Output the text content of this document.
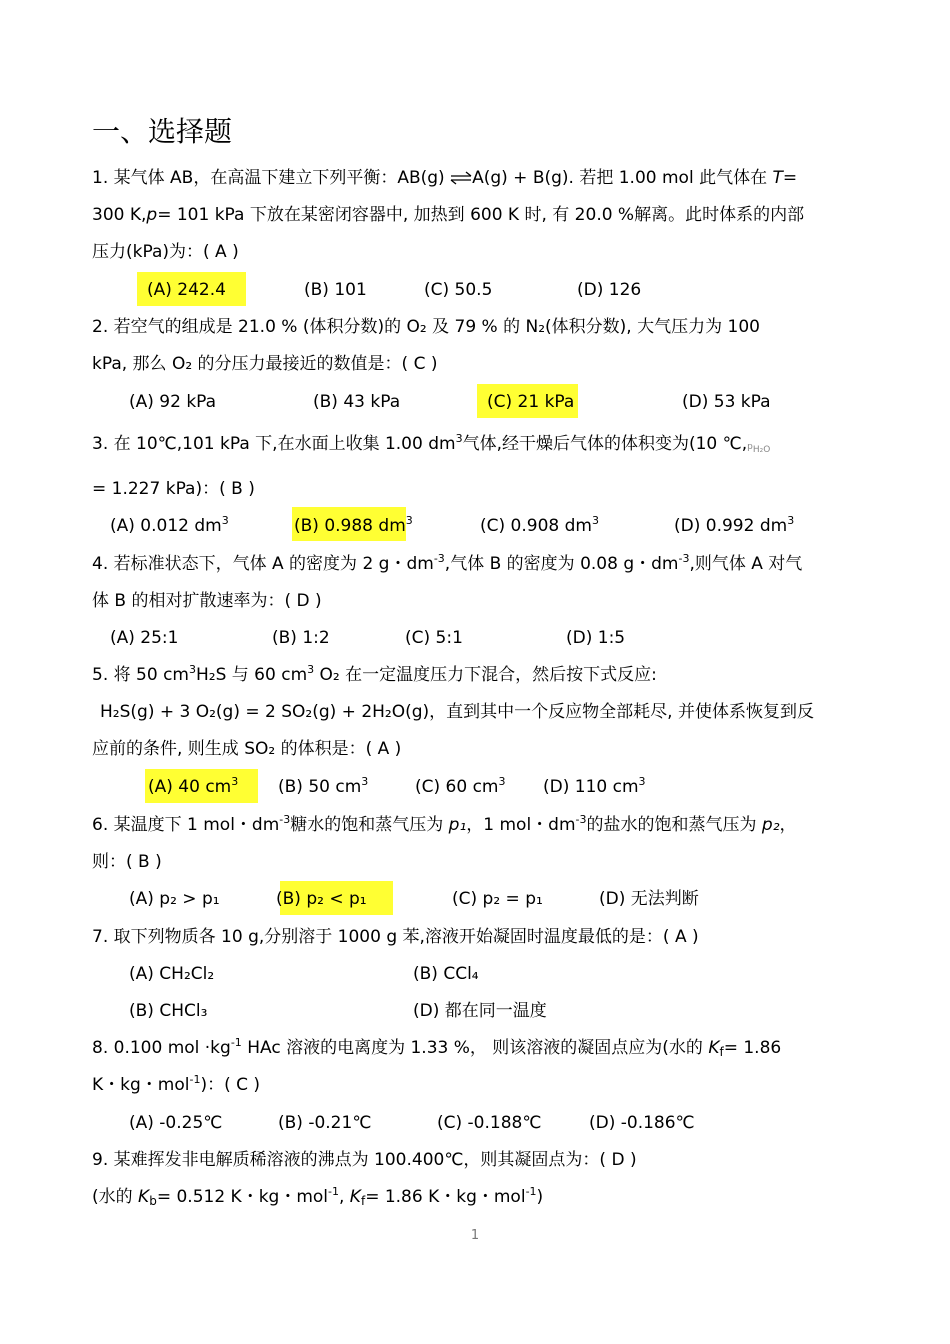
一、选择题
1. 某气体 AB，在高温下建立下列平衡：AB(g) ⇌A(g) + B(g). 若把 1.00 mol 此气体在 T=
300 K,p= 101 kPa 下放在某密闭容器中, 加热到 600 K 时, 有 20.0 %解离。此时体系的内部
压力(kPa)为：( A )
(A) 242.4	(B) 101	(C) 50.5	(D) 126
2. 若空气的组成是 21.0 % (体积分数)的 O₂ 及 79 % 的 N₂(体积分数), 大气压力为 100
kPa, 那么 O₂ 的分压力最接近的数值是：( C )
(A) 92 kPa	(B) 43 kPa	(C) 21 kPa	(D) 53 kPa
3. 在 10℃,101 kPa 下,在水面上收集 1.00 $dm^3$气体,经干燥后气体的体积变为(10 $℃,p_{H_2O}$
= 1.227 kPa)：( B )
(A) 0.012 $dm^3$	(B) 0.988 $dm^3$	(C) 0.908 $dm^3$	(D) 0.992 $dm^3$
4. 若标准状态下，气体 A 的密度为 2 g・$dm^{-3}$,气体 B 的密度为 0.08 g・$dm^{-3}$,则气体 A 对气
体 B 的相对扩散速率为：( D )
(A) 25:1	(B) 1:2	(C) 5:1	(D) 1:5
5. 将 50 $cm^3H_2S$ 与 60 $cm^3$ O₂ 在一定温度压力下混合，然后按下式反应:
H₂S(g) + 3 O₂(g) = 2 SO₂(g) + 2H₂O(g)，直到其中一个反应物全部耗尽, 并使体系恢复到反
应前的条件, 则生成 SO₂ 的体积是：( A )
(A) 40 $cm^3$ (B) 50 $cm^3$	(C) 60 $cm^3$ (D) 110 $cm^3$
6. 某温度下 1 mol・$dm^{-3}$糖水的饱和蒸气压为 p₁，1 mol・$dm^{-3}$的盐水的饱和蒸气压为 p₂，
则：( B )
(A) p₂ > p₁	(B) p₂ < p₁	(C) p₂ = p₁	(D) 无法判断
7. 取下列物质各 10 g,分别溶于 1000 g 苯,溶液开始凝固时温度最低的是：( A )
(A) CH₂Cl₂	(B) CCl₄
(B) CHCl₃	(D) 都在同一温度
8. 0.100 mol $\cdot kg^{-1}$ HAc 溶液的电离度为 1.33 %， 则该溶液的凝固点应为(水的 $K_f= 1.86$
K・kg・mol$^{-1}$)：( C )
(A) -0.25℃	(B) -0.21℃	(C) -0.188℃	(D) -0.186℃
9. 某难挥发非电解质稀溶液的沸点为 100.400℃，则其凝固点为：( D )
(水的 $K_b= 0.512$ K・kg・mol$^{-1}$, $K_f= 1.86$ K・kg・mol$^{-1}$)
1
